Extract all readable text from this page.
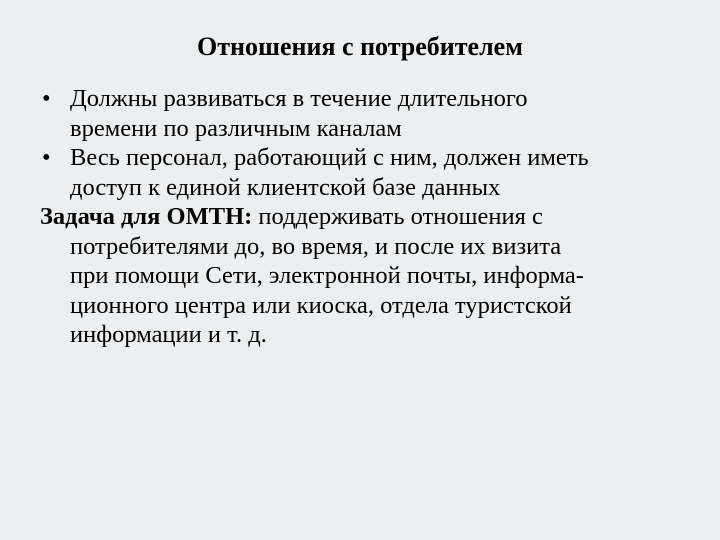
Отношения с потребителем
• Должны развиваться в течение длительного
времени по различным каналам
• Весь персонал, работающий с ним, должен иметь
доступ к единой клиентской базе данных
Задача для ОМТН: поддерживать отношения с
потребителями до, во время, и после их визита
при помощи Сети, электронной почты, информа-
ционного центра или киоска, отдела туристской
информации и т. д.
